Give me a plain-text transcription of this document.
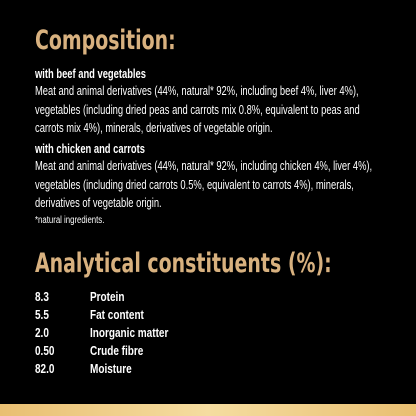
Composition:
with beef and vegetables
Meat and animal derivatives (44%, natural* 92%, including beef 4%, liver 4%), vegetables (including dried peas and carrots mix 0.8%, equivalent to peas and carrots mix 4%), minerals, derivatives of vegetable origin.
with chicken and carrots
Meat and animal derivatives (44%, natural* 92%, including chicken 4%, liver 4%), vegetables (including dried carrots 0.5%, equivalent to carrots 4%), minerals, derivatives of vegetable origin.
*natural ingredients.
Analytical constituents (%):
8.3	Protein
5.5	Fat content
2.0	Inorganic matter
0.50	Crude fibre
82.0	Moisture
